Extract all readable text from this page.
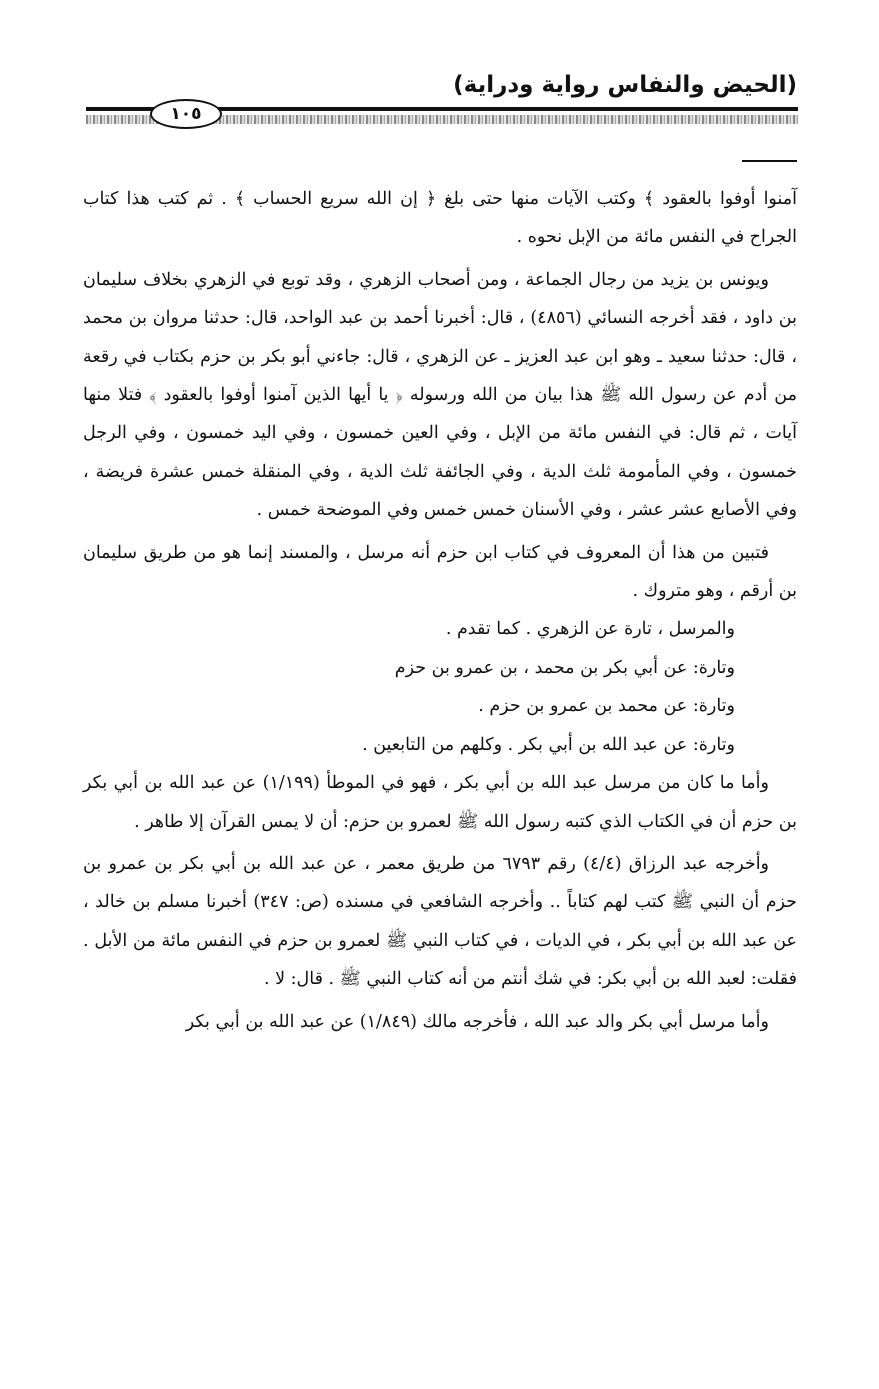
(الحيض والنفاس رواية ودراية)
١٠٥

آمنوا أوفوا بالعقود ﴾ وكتب الآيات منها حتى بلغ ﴿ إن الله سريع الحساب ﴾ . ثم كتب هذا كتاب الجراح في النفس مائة من الإبل نحوه .

ويونس بن يزيد من رجال الجماعة ، ومن أصحاب الزهري ، وقد توبع في الزهري بخلاف سليمان بن داود ، فقد أخرجه النسائي (٤٨٥٦) ، قال: أخبرنا أحمد بن عبد الواحد، قال: حدثنا مروان بن محمد ، قال: حدثنا سعيد ـ وهو ابن عبد العزيز ـ عن الزهري ، قال: جاءني أبو بكر بن حزم بكتاب في رقعة من أدم عن رسول الله ﷺ هذا بيان من الله ورسوله ﴿ يا أيها الذين آمنوا أوفوا بالعقود ﴾ فتلا منها آيات ، ثم قال: في النفس مائة من الإبل ، وفي العين خمسون ، وفي اليد خمسون ، وفي الرجل خمسون ، وفي المأمومة ثلث الدية ، وفي الجائفة ثلث الدية ، وفي المنقلة خمس عشرة فريضة ، وفي الأصابع عشر عشر ، وفي الأسنان خمس خمس وفي الموضحة خمس .

فتبين من هذا أن المعروف في كتاب ابن حزم أنه مرسل ، والمسند إنما هو من طريق سليمان بن أرقم ، وهو متروك .

والمرسل ، تارة عن الزهري . كما تقدم .

وتارة: عن أبي بكر بن محمد ، بن عمرو بن حزم

وتارة: عن محمد بن عمرو بن حزم .

وتارة: عن عبد الله بن أبي بكر . وكلهم من التابعين .

وأما ما كان من مرسل عبد الله بن أبي بكر ، فهو في الموطأ (١/١٩٩) عن عبد الله بن أبي بكر بن حزم أن في الكتاب الذي كتبه رسول الله ﷺ لعمرو بن حزم: أن لا يمس القرآن إلا طاهر .

وأخرجه عبد الرزاق (٤/٤) رقم ٦٧٩٣ من طريق معمر ، عن عبد الله بن أبي بكر بن عمرو بن حزم أن النبي ﷺ كتب لهم كتاباً .. وأخرجه الشافعي في مسنده (ص: ٣٤٧) أخبرنا مسلم بن خالد ، عن عبد الله بن أبي بكر ، في الديات ، في كتاب النبي ﷺ لعمرو بن حزم في النفس مائة من الأبل . فقلت: لعبد الله بن أبي بكر: في شك أنتم من أنه كتاب النبي ﷺ . قال: لا .

وأما مرسل أبي بكر والد عبد الله ، فأخرجه مالك (١/٨٤٩) عن عبد الله بن أبي بكر
